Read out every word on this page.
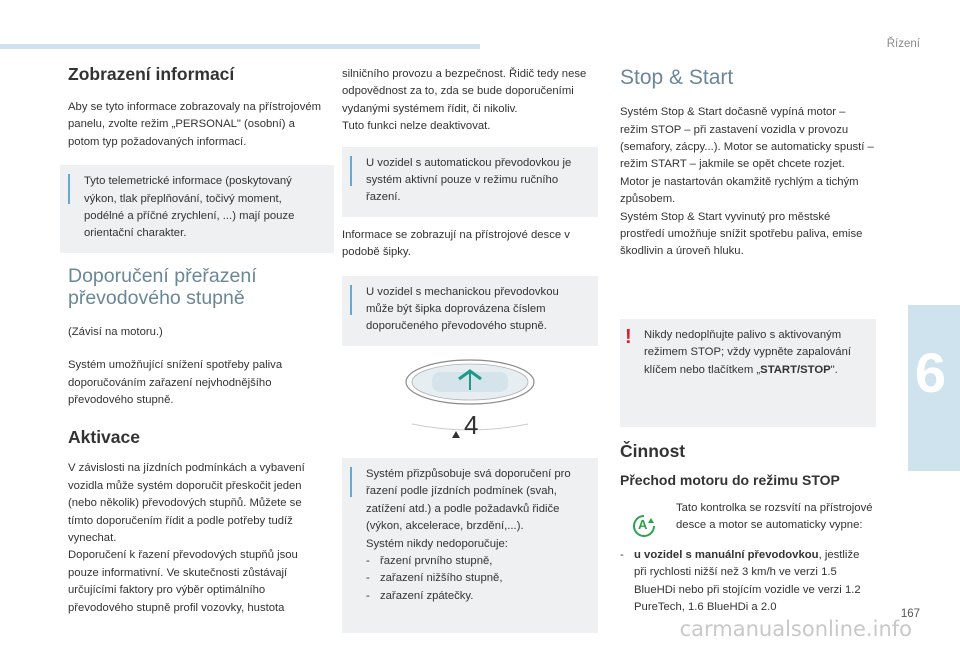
Řízení
6
167
Zobrazení informací

Aby se tyto informace zobrazovaly na přístrojovém panelu, zvolte režim „PERSONAL" (osobní) a potom typ požadovaných informací.

Tyto telemetrické informace (poskytovaný výkon, tlak přeplňování, točivý moment, podélné a příčné zrychlení, ...) mají pouze orientační charakter.

Doporučení přeřazení převodového stupně

(Závisí na motoru.)

Systém umožňující snížení spotřeby paliva doporučováním zařazení nejvhodnějšího převodového stupně.

Aktivace

V závislosti na jízdních podmínkách a vybavení vozidla může systém doporučit přeskočit jeden (nebo několik) převodových stupňů. Můžete se tímto doporučením řídit a podle potřeby tudíž vynechat.

Doporučení k řazení převodových stupňů jsou pouze informativní. Ve skutečnosti zůstávají určujícími faktory pro výběr optimálního převodového stupně profil vozovky, hustota

silničního provozu a bezpečnost. Řidič tedy nese odpovědnost za to, zda se bude doporučeními vydanými systémem řídit, či nikoliv.

Tuto funkci nelze deaktivovat.

U vozidel s automatickou převodovkou je systém aktivní pouze v režimu ručního řazení.

Informace se zobrazují na přístrojové desce v podobě šipky.

U vozidel s mechanickou převodovkou může být šipka doprovázena číslem doporučeného převodového stupně.

4

Systém přizpůsobuje svá doporučení pro řazení podle jízdních podmínek (svah, zatížení atd.) a podle požadavků řidiče (výkon, akcelerace, brzdění,...).

Systém nikdy nedoporučuje:

- řazení prvního stupně,
- zařazení nižšího stupně,
- zařazení zpátečky.
Stop & Start

Systém Stop & Start dočasně vypíná motor – režim STOP – při zastavení vozidla v provozu (semafory, zácpy...). Motor se automaticky spustí – režim START – jakmile se opět chcete rozjet. Motor je nastartován okamžitě rychlým a tichým způsobem.

Systém Stop & Start vyvinutý pro městské prostředí umožňuje snížit spotřebu paliva, emise škodlivin a úroveň hluku.

! Nikdy nedoplňujte palivo s aktivovaným režimem STOP; vždy vypněte zapalování klíčem nebo tlačítkem „START/STOP".

Činnost
Přechod motoru do režimu STOP
A

Tato kontrolka se rozsvítí na přístrojové desce a motor se automaticky vypne:

- u vozidel s manuální převodovkou, jestliže při rychlosti nižší než 3 km/h ve verzi 1.5 BlueHDi nebo při stojícím vozidle ve verzi 1.2 PureTech, 1.6 BlueHDi a 2.0
carmanualsonline.info
